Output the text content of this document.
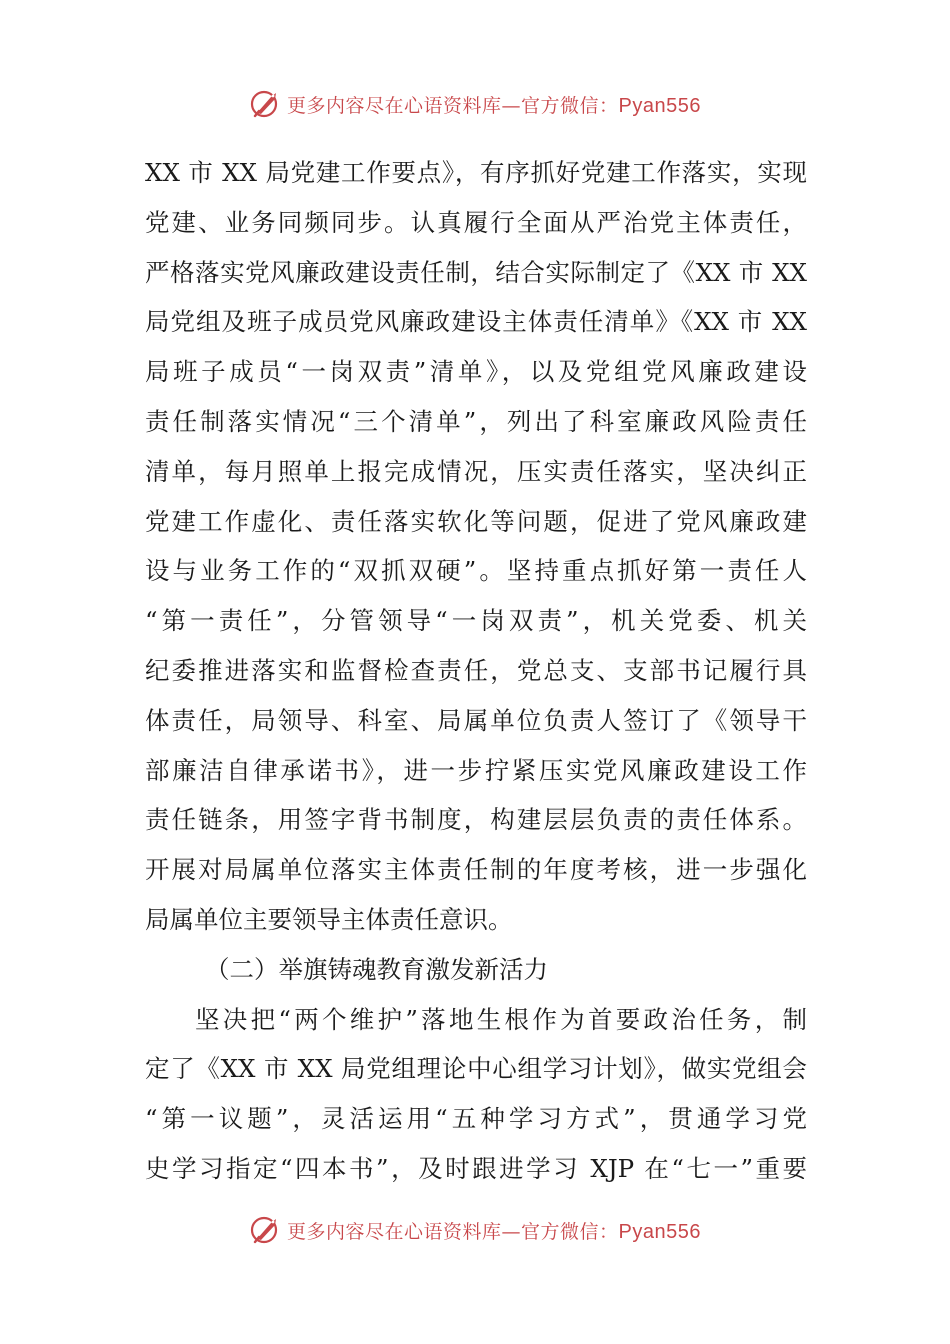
更多内容尽在心语资料库—官方微信：Pyan556
XX 市 XX 局党建工作要点》，有序抓好党建工作落实，实现
党建、业务同频同步。认真履行全面从严治党主体责任，
严格落实党风廉政建设责任制，结合实际制定了《XX 市 XX
局党组及班子成员党风廉政建设主体责任清单》《XX 市 XX
局班子成员“一岗双责”清单》，以及党组党风廉政建设
责任制落实情况“三个清单”，列出了科室廉政风险责任
清单，每月照单上报完成情况，压实责任落实，坚决纠正
党建工作虚化、责任落实软化等问题，促进了党风廉政建
设与业务工作的“双抓双硬”。坚持重点抓好第一责任人
“第一责任”，分管领导“一岗双责”，机关党委、机关
纪委推进落实和监督检查责任，党总支、支部书记履行具
体责任，局领导、科室、局属单位负责人签订了《领导干
部廉洁自律承诺书》，进一步拧紧压实党风廉政建设工作
责任链条，用签字背书制度，构建层层负责的责任体系。
开展对局属单位落实主体责任制的年度考核，进一步强化
局属单位主要领导主体责任意识。
（二）举旗铸魂教育激发新活力
坚决把“两个维护”落地生根作为首要政治任务，制
定了《XX 市 XX 局党组理论中心组学习计划》，做实党组会
“第一议题”，灵活运用“五种学习方式”，贯通学习党
史学习指定“四本书”，及时跟进学习 XJP 在“七一”重要
更多内容尽在心语资料库—官方微信：Pyan556
